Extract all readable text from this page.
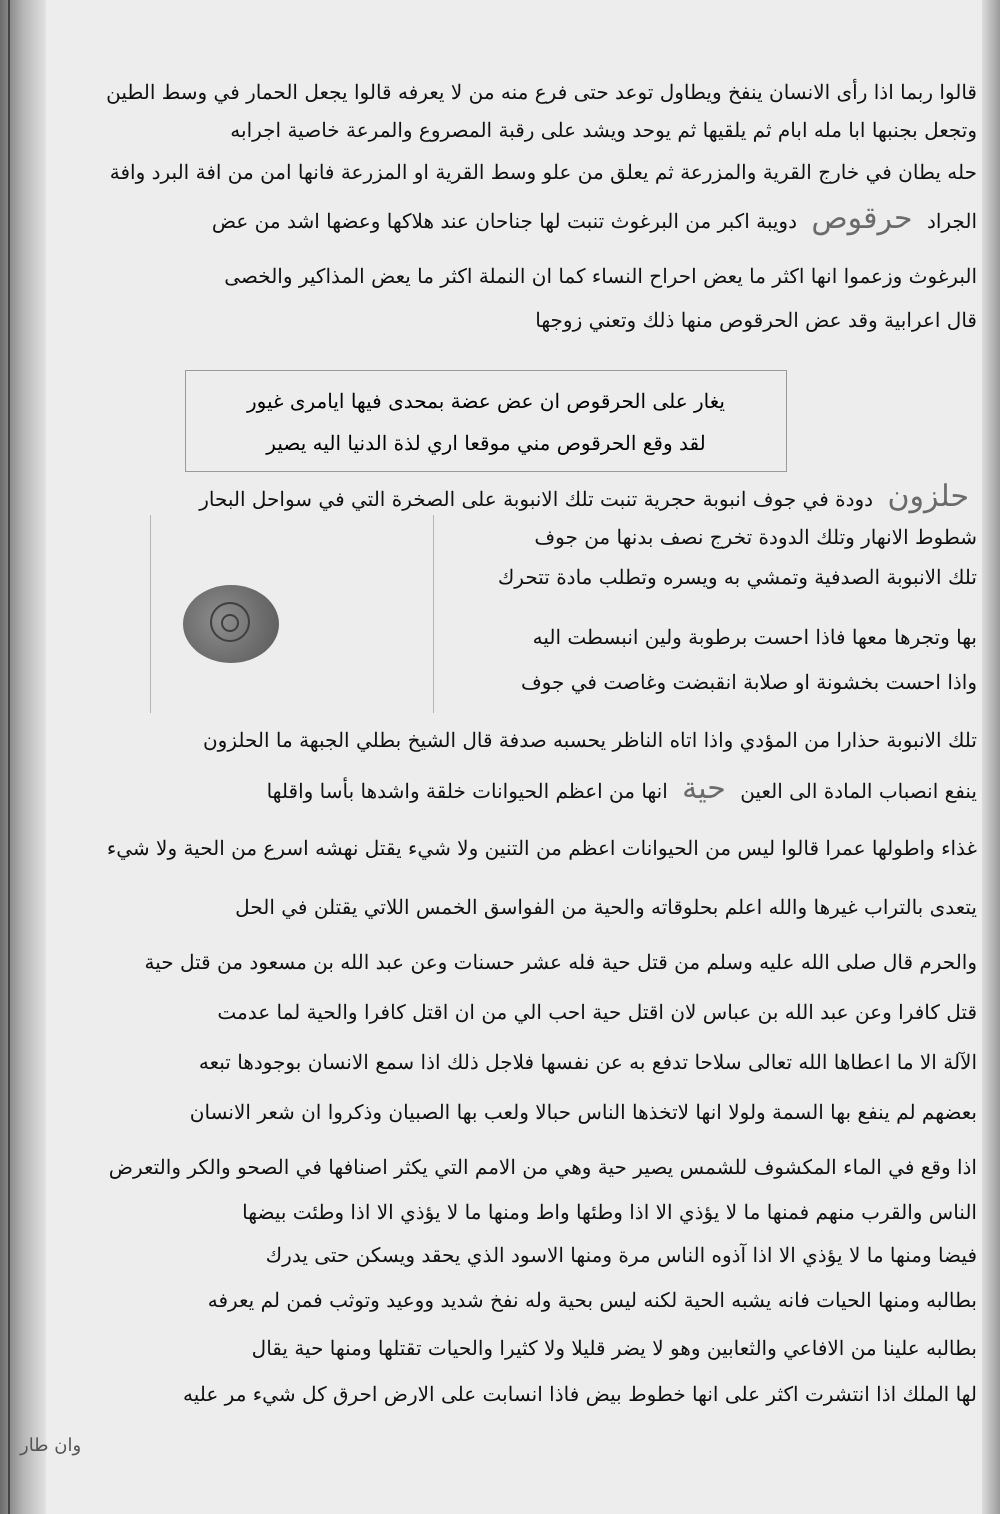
قالوا ربما اذا رأى الانسان ينفخ ويطاول توعد حتى فرع منه من لا يعرفه قالوا يجعل الحمار في وسط الطين
وتجعل بجنبها ابا مله ابام ثم يلقيها ثم يوحد ويشد على رقبة المصروع والمرعة خاصية اجرابه
حله يطان في خارج القرية والمزرعة ثم يعلق من علو وسط القرية او المزرعة فانها امن من افة البرد وافة
الجراد حرقوص دويبة اكبر من البرغوث تنبت لها جناحان عند هلاكها وعضها اشد من عض
البرغوث وزعموا انها اكثر ما يعض احراح النساء كما ان النملة اكثر ما يعض المذاكير والخصى
قال اعرابية وقد عض الحرقوص منها ذلك وتعني زوجها
حلزون دودة في جوف انبوبة حجرية تنبت تلك الانبوبة على الصخرة التي في سواحل البحار
شطوط الانهار وتلك الدودة تخرج نصف بدنها من جوف
تلك الانبوبة الصدفية وتمشي به ويسره وتطلب مادة تتحرك
بها وتجرها معها فاذا احست برطوبة ولين انبسطت اليه
واذا احست بخشونة او صلابة انقبضت وغاصت في جوف
تلك الانبوبة حذارا من المؤدي واذا اتاه الناظر يحسبه صدفة قال الشيخ بطلي الجبهة ما الحلزون
ينفع انصباب المادة الى العين حية انها من اعظم الحيوانات خلقة واشدها بأسا واقلها
غذاء واطولها عمرا قالوا ليس من الحيوانات اعظم من التنين ولا شيء يقتل نهشه اسرع من الحية ولا شيء
يتعدى بالتراب غيرها والله اعلم بحلوقاته والحية من الفواسق الخمس اللاتي يقتلن في الحل
والحرم قال صلى الله عليه وسلم من قتل حية فله عشر حسنات وعن عبد الله بن مسعود من قتل حية
قتل كافرا وعن عبد الله بن عباس لان اقتل حية احب الي من ان اقتل كافرا والحية لما عدمت
الآلة الا ما اعطاها الله تعالى سلاحا تدفع به عن نفسها فلاجل ذلك اذا سمع الانسان بوجودها تبعه
بعضهم لم ينفع بها السمة ولولا انها لاتخذها الناس حبالا ولعب بها الصبيان وذكروا ان شعر الانسان
اذا وقع في الماء المكشوف للشمس يصير حية وهي من الامم التي يكثر اصنافها في الصحو والكر والتعرض
الناس والقرب منهم فمنها ما لا يؤذي الا اذا وطئها واط ومنها ما لا يؤذي الا اذا وطئت بيضها
فيضا ومنها ما لا يؤذي الا اذا آذوه الناس مرة ومنها الاسود الذي يحقد ويسكن حتى يدرك
بطالبه ومنها الحيات فانه يشبه الحية لكنه ليس بحية وله نفخ شديد ووعيد وتوثب فمن لم يعرفه
بطالبه علينا من الافاعي والثعابين وهو لا يضر قليلا ولا كثيرا والحيات تقتلها ومنها حية يقال
لها الملك اذا انتشرت اكثر على انها خطوط بيض فاذا انسابت على الارض احرق كل شيء مر عليه
يغار على الحرقوص ان عض عضة بمحدى فيها ايامرى غيور
لقد وقع الحرقوص مني موقعا اري لذة الدنيا اليه يصير
وان طار
